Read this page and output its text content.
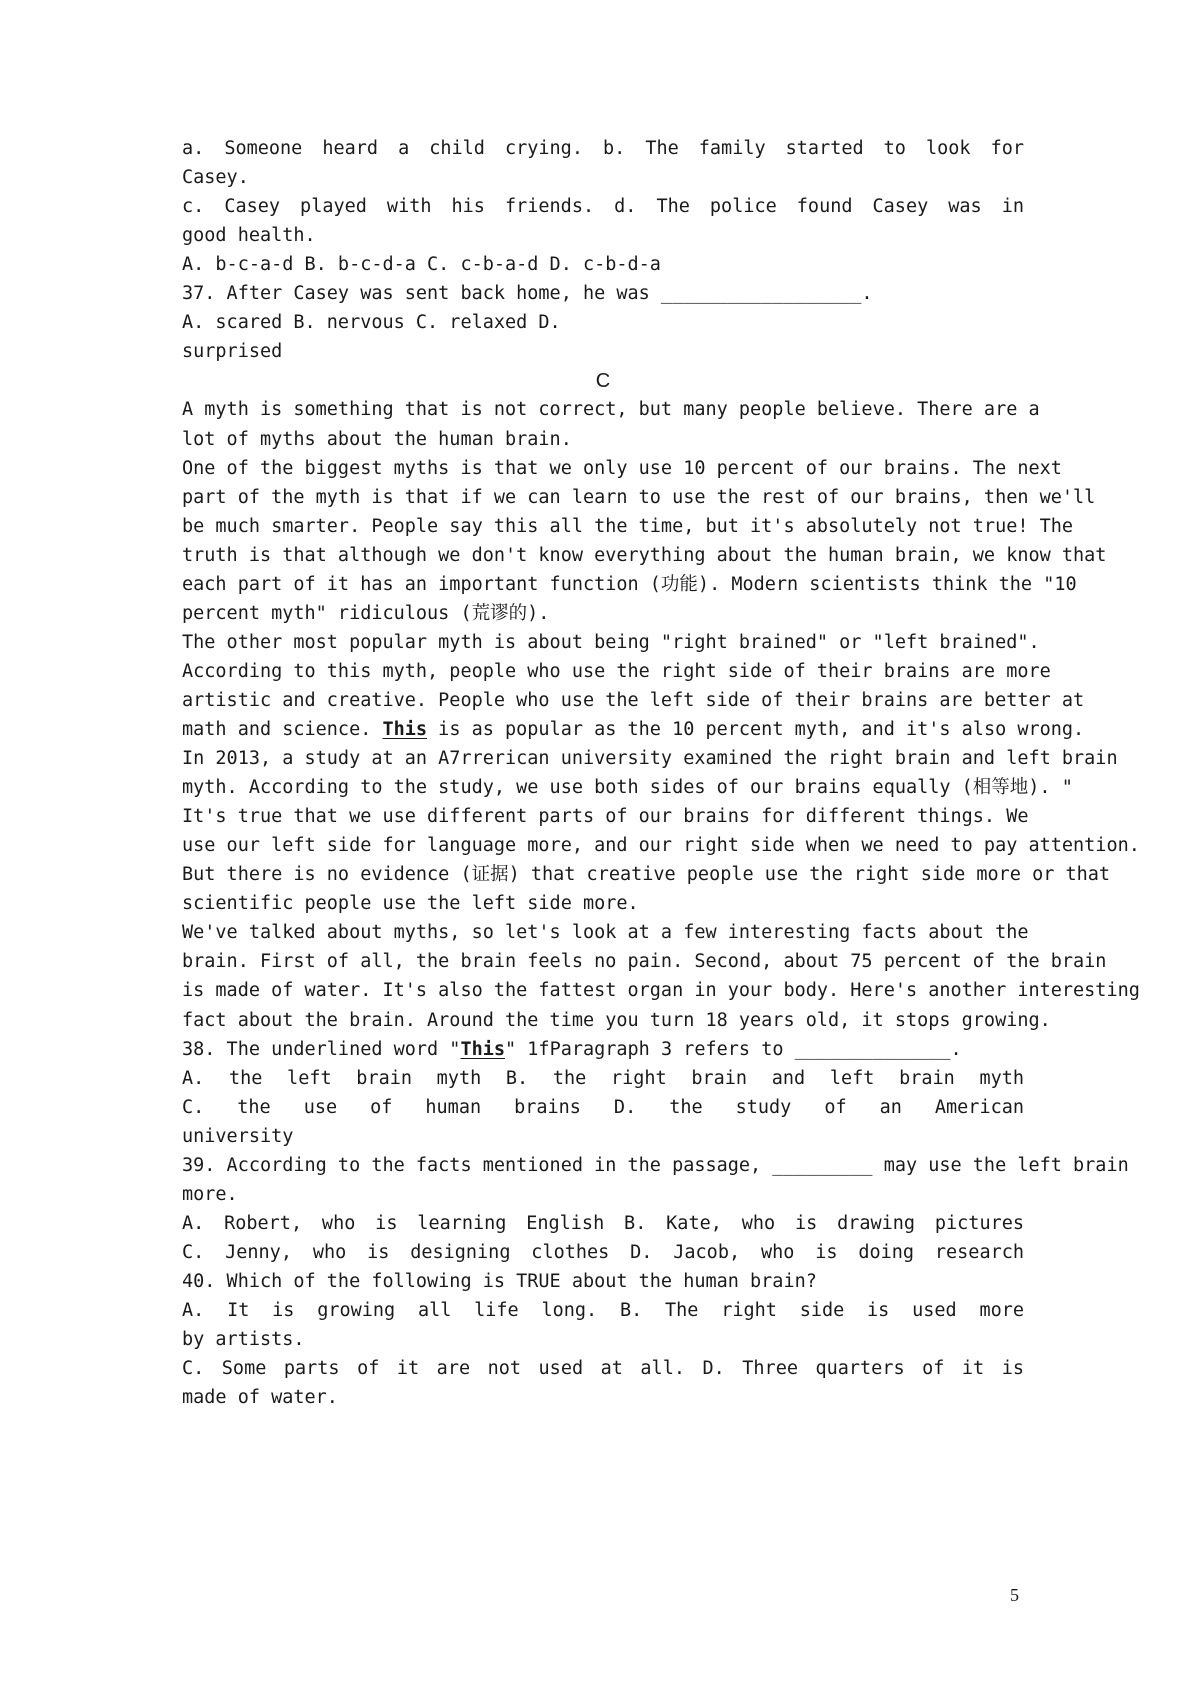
a. Someone heard a child crying. b. The family started to look for
Casey.
c. Casey played with his friends. d. The police found Casey was in
good health.
A. b-c-a-d B. b-c-d-a C. c-b-a-d D. c-b-d-a
37. After Casey was sent back home, he was __________________.
A. scared B. nervous C. relaxed D.
surprised
C
A myth is something that is not correct, but many people believe. There are a
lot of myths about the human brain.
One of the biggest myths is that we only use 10 percent of our brains. The next
part of the myth is that if we can learn to use the rest of our brains, then we'll
be much smarter. People say this all the time, but it's absolutely not true! The
truth is that although we don't know everything about the human brain, we know that
each part of it has an important function (功能). Modern scientists think the "10
percent myth" ridiculous (荒谬的).
The other most popular myth is about being "right brained" or "left brained".
According to this myth, people who use the right side of their brains are more
artistic and creative. People who use the left side of their brains are better at
math and science. This is as popular as the 10 percent myth, and it's also wrong.
In 2013, a study at an A7rrerican university examined the right brain and left brain
myth. According to the study, we use both sides of our brains equally (相等地). "
It's true that we use different parts of our brains for different things. We
use our left side for language more, and our right side when we need to pay attention.
But there is no evidence (证据) that creative people use the right side more or that
scientific people use the left side more.
We've talked about myths, so let's look at a few interesting facts about the
brain. First of all, the brain feels no pain. Second, about 75 percent of the brain
is made of water. It's also the fattest organ in your body. Here's another interesting
fact about the brain. Around the time you turn 18 years old, it stops growing.
38. The underlined word "This" 1fParagraph 3 refers to ______________.
A. the left brain myth B. the right brain and left brain myth
C. the use of human brains D. the study of an American
university
39. According to the facts mentioned in the passage, _________ may use the left brain
more.
A. Robert, who is learning English B. Kate, who is drawing pictures
C. Jenny, who is designing clothes D. Jacob, who is doing research
40. Which of the following is TRUE about the human brain?
A. It is growing all life long. B. The right side is used more
by artists.
C. Some parts of it are not used at all. D. Three quarters of it is
made of water.
5
